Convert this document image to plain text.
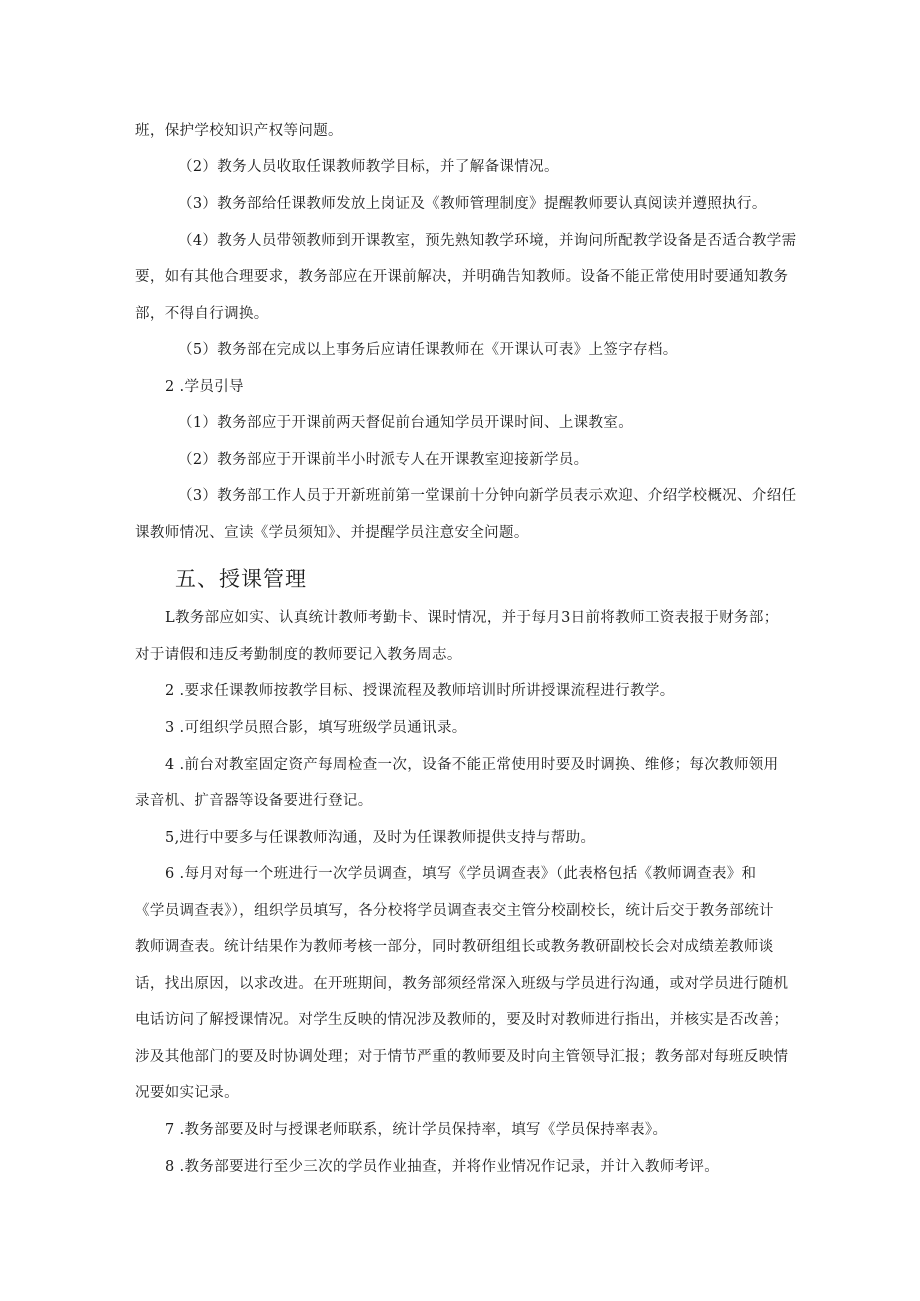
班，保护学校知识产权等问题。
（2）教务人员收取任课教师教学目标，并了解备课情况。
（3）教务部给任课教师发放上岗证及《教师管理制度》提醒教师要认真阅读并遵照执行。
（4）教务人员带领教师到开课教室，预先熟知教学环境，并询问所配教学设备是否适合教学需
要，如有其他合理要求，教务部应在开课前解决，并明确告知教师。设备不能正常使用时要通知教务
部，不得自行调换。
（5）教务部在完成以上事务后应请任课教师在《开课认可表》上签字存档。
2 .学员引导
（1）教务部应于开课前两天督促前台通知学员开课时间、上课教室。
（2）教务部应于开课前半小时派专人在开课教室迎接新学员。
（3）教务部工作人员于开新班前第一堂课前十分钟向新学员表示欢迎、介绍学校概况、介绍任
课教师情况、宣读《学员须知》、并提醒学员注意安全问题。
五、授课管理
L教务部应如实、认真统计教师考勤卡、课时情况，并于每月3日前将教师工资表报于财务部；
对于请假和违反考勤制度的教师要记入教务周志。
2 .要求任课教师按教学目标、授课流程及教师培训时所讲授课流程进行教学。
3 .可组织学员照合影，填写班级学员通讯录。
4 .前台对教室固定资产每周检查一次，设备不能正常使用时要及时调换、维修；每次教师领用
录音机、扩音器等设备要进行登记。
5,进行中要多与任课教师沟通，及时为任课教师提供支持与帮助。
6 .每月对每一个班进行一次学员调查，填写《学员调查表》（此表格包括《教师调查表》和
《学员调查表》），组织学员填写，各分校将学员调查表交主管分校副校长，统计后交于教务部统计
教师调查表。统计结果作为教师考核一部分，同时教研组组长或教务教研副校长会对成绩差教师谈
话，找出原因，以求改进。在开班期间，教务部须经常深入班级与学员进行沟通，或对学员进行随机
电话访问了解授课情况。对学生反映的情况涉及教师的，要及时对教师进行指出，并核实是否改善；
涉及其他部门的要及时协调处理；对于情节严重的教师要及时向主管领导汇报；教务部对每班反映情
况要如实记录。
7 .教务部要及时与授课老师联系，统计学员保持率，填写《学员保持率表》。
8 .教务部要进行至少三次的学员作业抽查，并将作业情况作记录，并计入教师考评。
